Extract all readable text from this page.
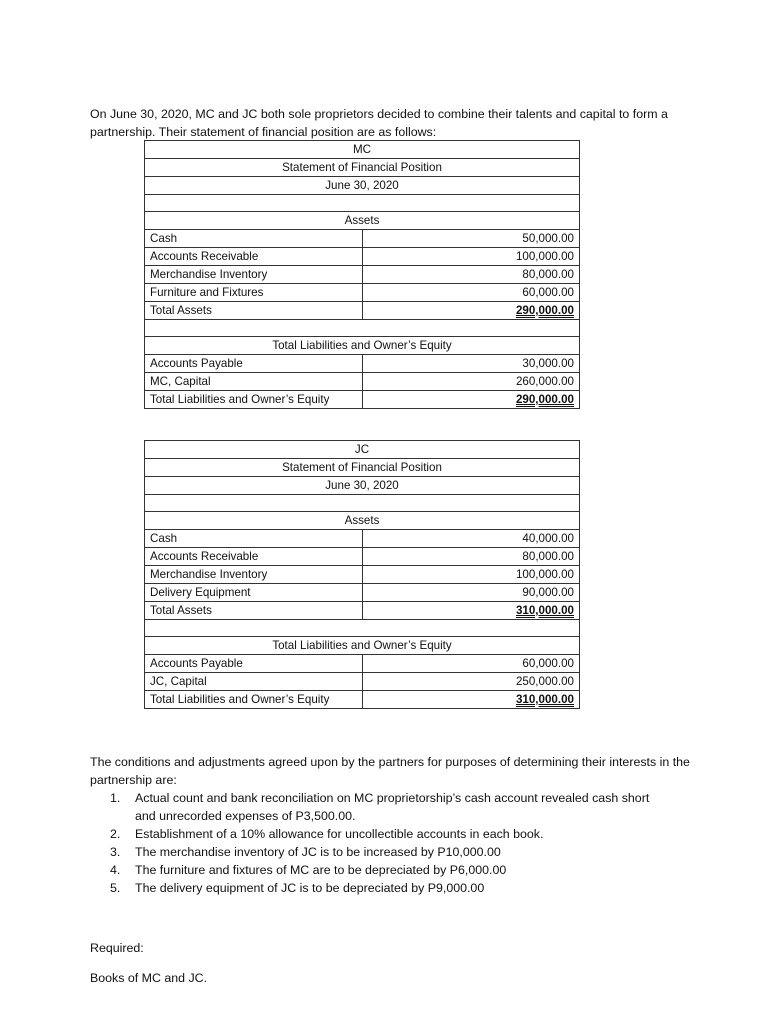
On June 30, 2020, MC and JC both sole proprietors decided to combine their talents and capital to form a partnership. Their statement of financial position are as follows:

MC	
Statement of Financial Position	
June 30, 2020	

Assets	
Cash	50,000.00
Accounts Receivable	100,000.00
Merchandise Inventory	80,000.00
Furniture and Fixtures	60,000.00
Total Assets	290,000.00

Total Liabilities and Owner’s Equity	
Accounts Payable	30,000.00
MC, Capital	260,000.00
Total Liabilities and Owner’s Equity	290,000.00
JC	
Statement of Financial Position	
June 30, 2020	

Assets	
Cash	40,000.00
Accounts Receivable	80,000.00
Merchandise Inventory	100,000.00
Delivery Equipment	90,000.00
Total Assets	310,000.00

Total Liabilities and Owner’s Equity	
Accounts Payable	60,000.00
JC, Capital	250,000.00
Total Liabilities and Owner’s Equity	310,000.00

The conditions and adjustments agreed upon by the partners for purposes of determining their interests in the partnership are:

1. Actual count and bank reconciliation on MC proprietorship’s cash account revealed cash short and unrecorded expenses of P3,500.00.
2. Establishment of a 10% allowance for uncollectible accounts in each book.
3. The merchandise inventory of JC is to be increased by P10,000.00
4. The furniture and fixtures of MC are to be depreciated by P6,000.00
5. The delivery equipment of JC is to be depreciated by P9,000.00
Required:
Books of MC and JC.
